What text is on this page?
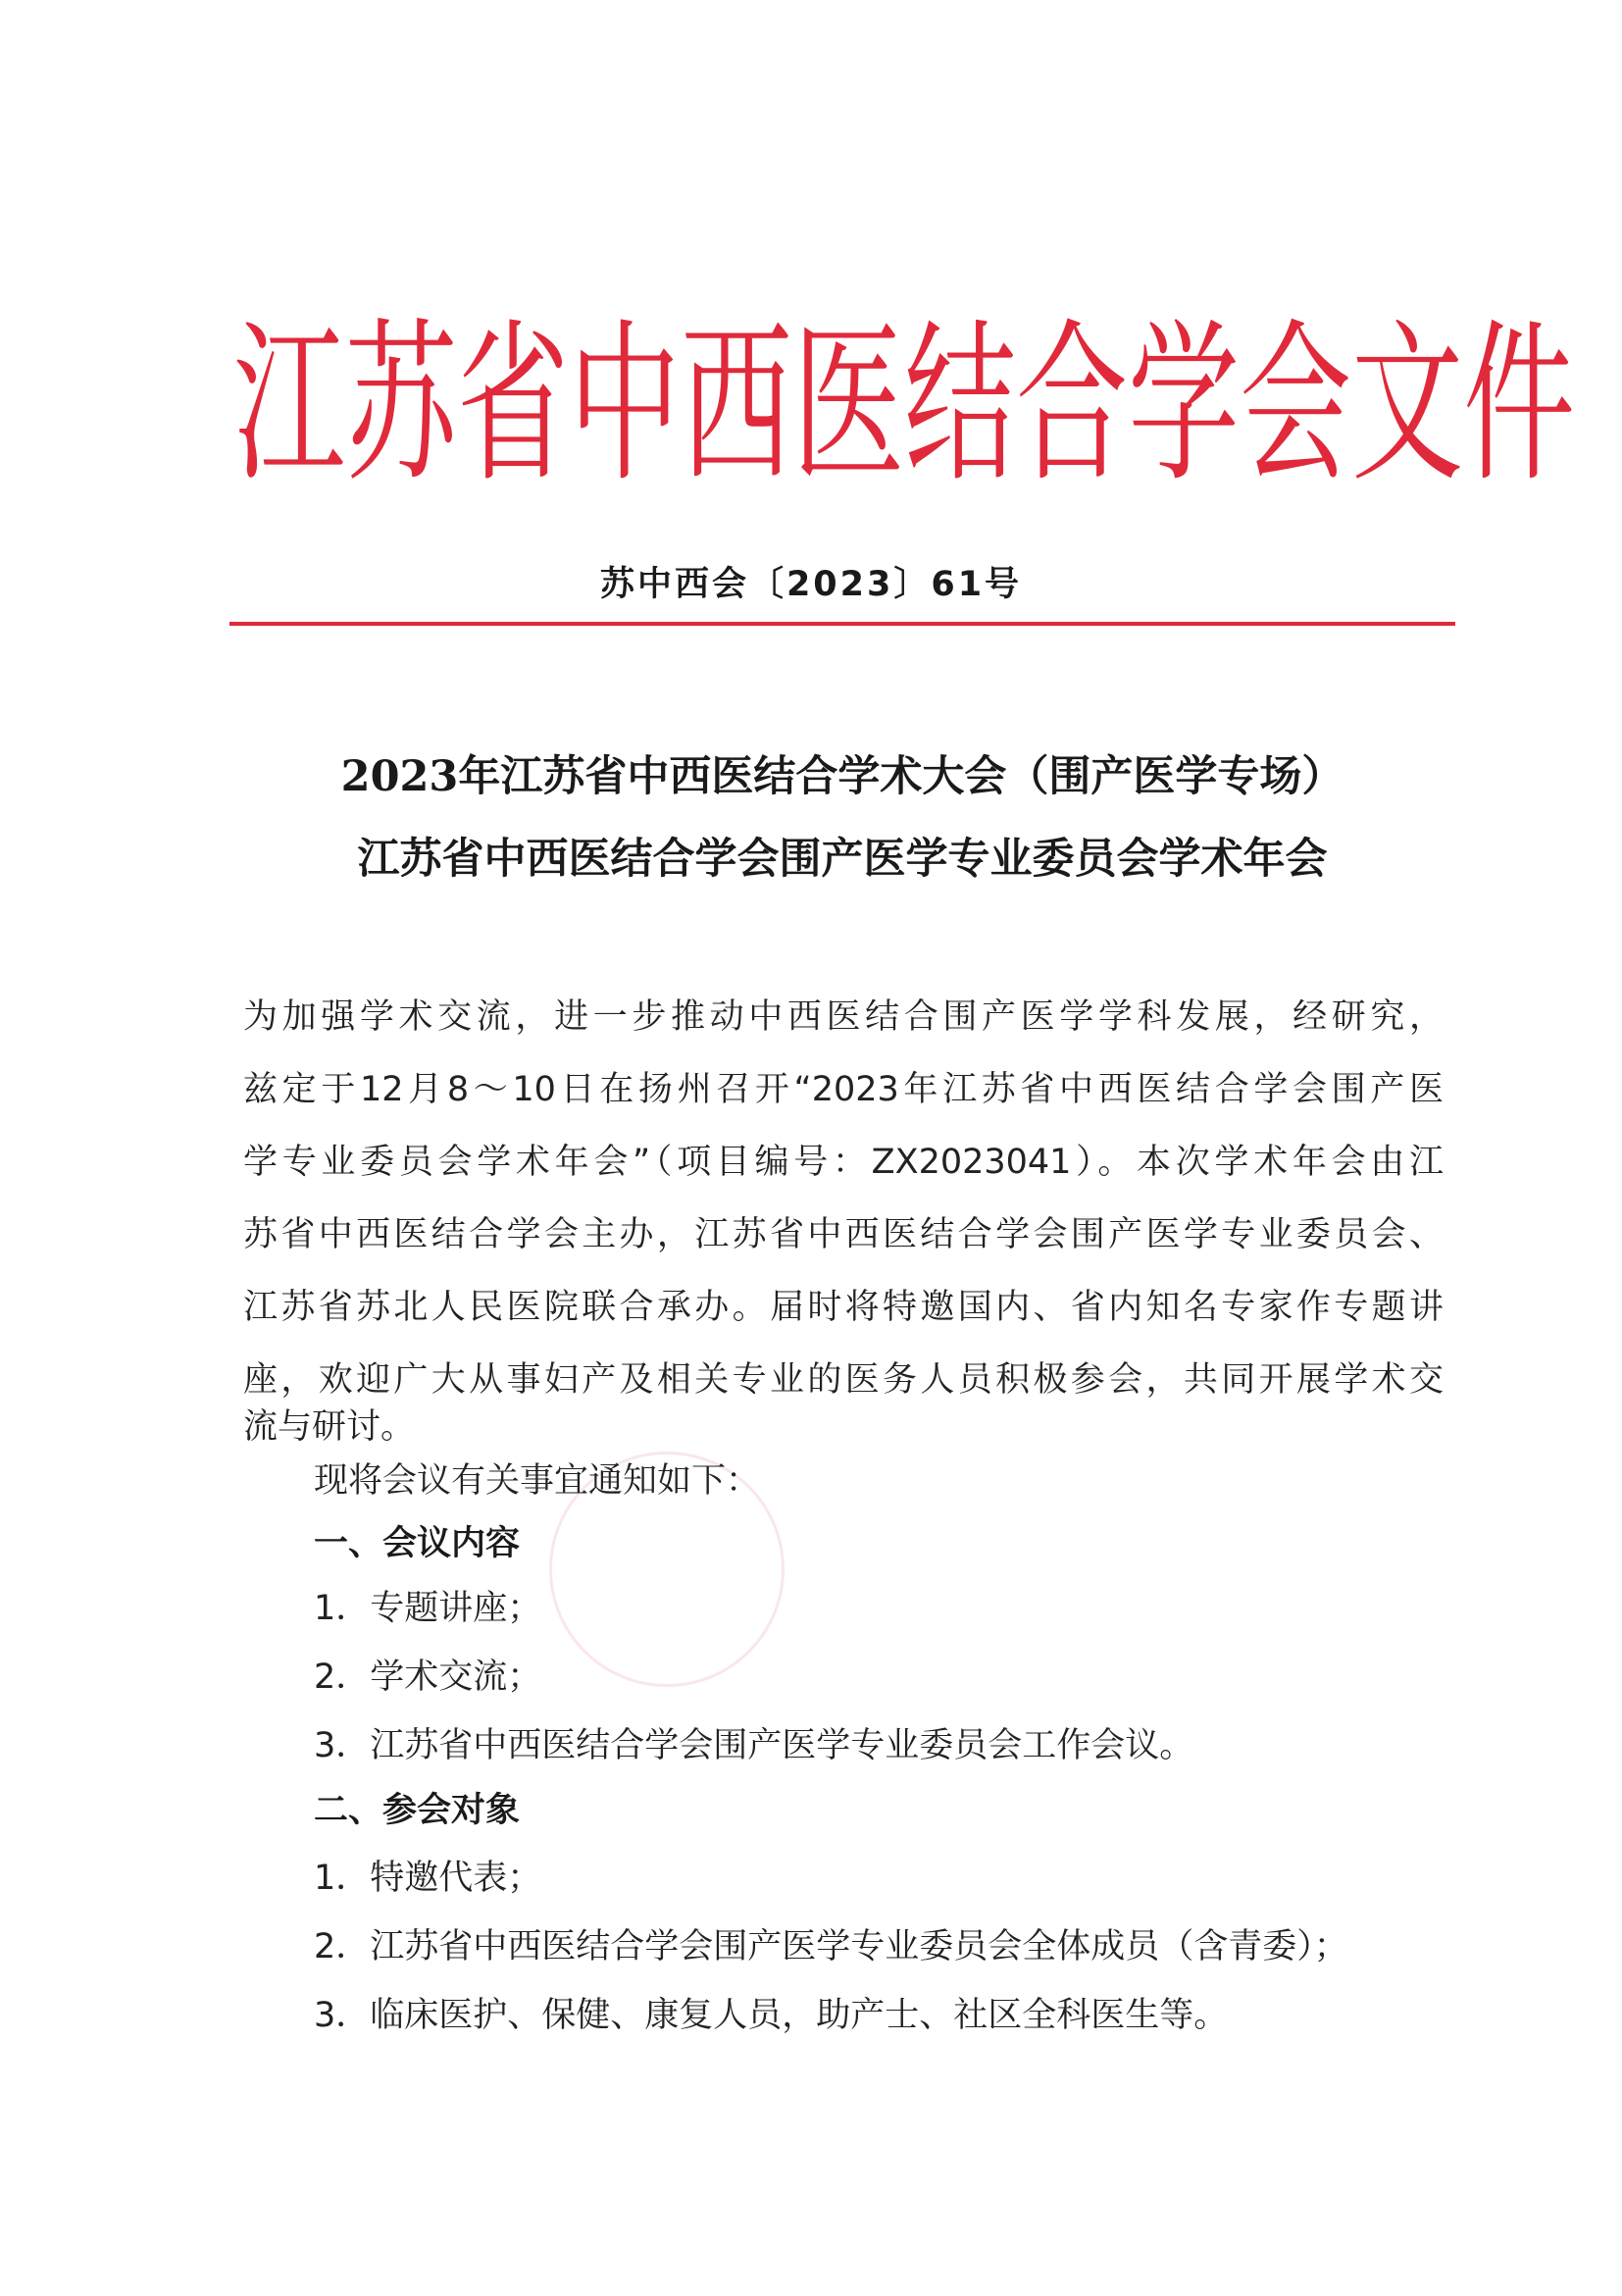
江 苏 省 中 西 医 结 合 学 会 文 件
苏中西会〔2023〕61号
2023年江苏省中西医结合学术大会（围产医学专场）
江苏省中西医结合学会围产医学专业委员会学术年会
为加强学术交流，进一步推动中西医结合围产医学学科发展，经研究，
兹定于12月8～10日在扬州召开“2023年江苏省中西医结合学会围产医
学专业委员会学术年会”（项目编号：ZX2023041）。本次学术年会由江
苏省中西医结合学会主办，江苏省中西医结合学会围产医学专业委员会、
江苏省苏北人民医院联合承办。届时将特邀国内、省内知名专家作专题讲
座，欢迎广大从事妇产及相关专业的医务人员积极参会，共同开展学术交
流与研讨。
现将会议有关事宜通知如下：
一、会议内容
1．专题讲座；
2．学术交流；
3．江苏省中西医结合学会围产医学专业委员会工作会议。
二、参会对象
1．特邀代表；
2．江苏省中西医结合学会围产医学专业委员会全体成员（含青委）；
3．临床医护、保健、康复人员，助产士、社区全科医生等。
